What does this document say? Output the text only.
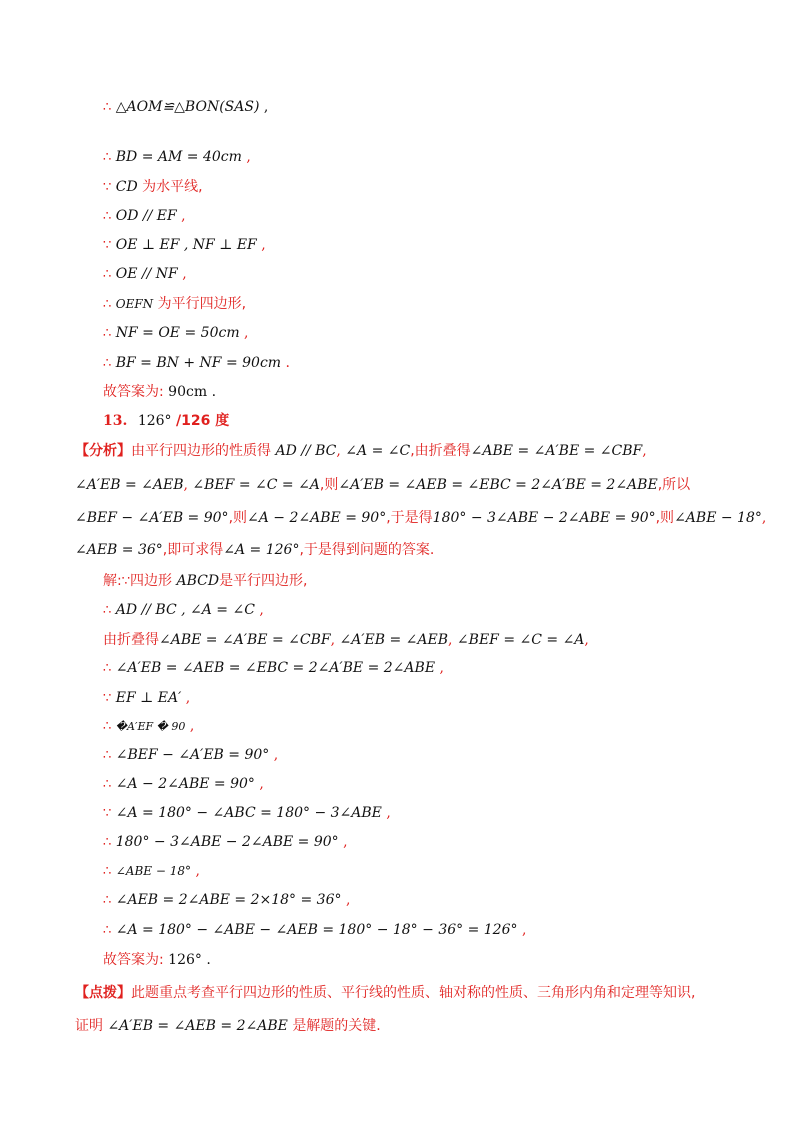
∴ △AOM≌△BON(SAS) ,
∴ BD = AM = 40cm ,
∵ CD 为水平线,
∴ OD // EF ,
∵ OE ⊥ EF , NF ⊥ EF ,
∴ OE // NF ,
∴ OEFN 为平行四边形,
∴ NF = OE = 50cm ,
∴ BF = BN + NF = 90cm .
故答案为: 90cm .
13. 126° /126 度
【分析】由平行四边形的性质得 AD // BC, ∠A = ∠C,由折叠得∠ABE = ∠A′BE = ∠CBF,
∠A′EB = ∠AEB, ∠BEF = ∠C = ∠A,则∠A′EB = ∠AEB = ∠EBC = 2∠A′BE = 2∠ABE,所以
∠BEF − ∠A′EB = 90°,则∠A − 2∠ABE = 90°,于是得180° − 3∠ABE − 2∠ABE = 90°,则∠ABE − 18°,
∠AEB = 36°,即可求得∠A = 126°,于是得到问题的答案.
解:∵四边形 ABCD是平行四边形,
∴ AD // BC , ∠A = ∠C ,
由折叠得∠ABE = ∠A′BE = ∠CBF, ∠A′EB = ∠AEB, ∠BEF = ∠C = ∠A,
∴ ∠A′EB = ∠AEB = ∠EBC = 2∠A′BE = 2∠ABE ,
∵ EF ⊥ EA′ ,
∴ �A′EF � 90 ,
∴ ∠BEF − ∠A′EB = 90° ,
∴ ∠A − 2∠ABE = 90° ,
∵ ∠A = 180° − ∠ABC = 180° − 3∠ABE ,
∴ 180° − 3∠ABE − 2∠ABE = 90° ,
∴ ∠ABE − 18° ,
∴ ∠AEB = 2∠ABE = 2×18° = 36° ,
∴ ∠A = 180° − ∠ABE − ∠AEB = 180° − 18° − 36° = 126° ,
故答案为: 126° .
【点拨】此题重点考查平行四边形的性质、平行线的性质、轴对称的性质、三角形内角和定理等知识,
证明 ∠A′EB = ∠AEB = 2∠ABE 是解题的关键.
